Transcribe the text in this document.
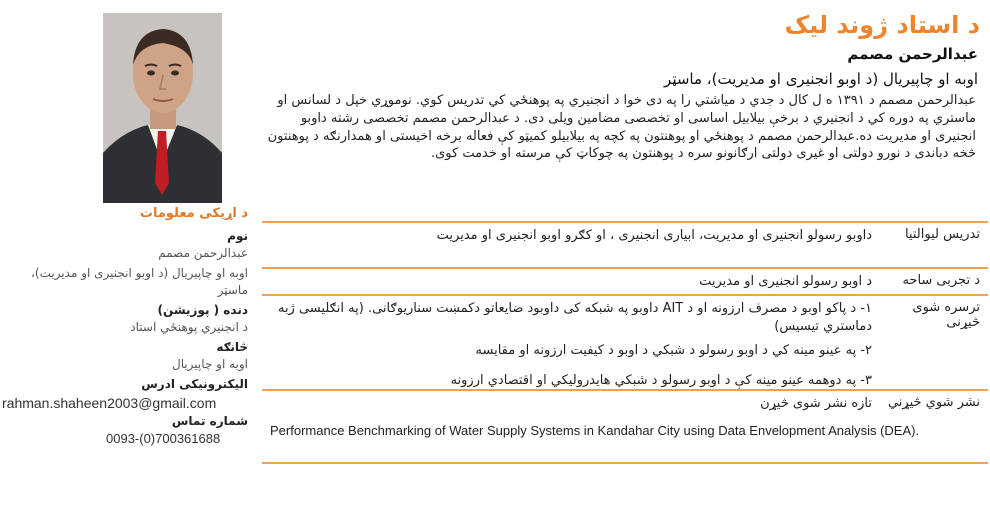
د اړیکی معلومات
نوم
عبدالرحمن مصمم
اوبه او چاپیریال (د اوبو انجنیری او مدیریت)، ماسټر
دنده ( پوزیشن)
د انجنيري پوهنځي استاد
څانګه
اوبه او چاپیریال
الیکترونیکی ادرس
rahman.shaheen2003@gmail.com
شماره تماس
0093-(0)700361688
د استاد ژوند لیک
عبدالرحمن مصمم
اوبه او چاپیریال (د اوبو انجنیری او مدیریت)، ماسټر
عبدالرحمن مصمم د ۱۳۹۱ ه ل کال د جدي د میاشتي را په دی خوا د انجنيري په پوهنځي کي تدريس کوي. نوموړي خپل د لسانس او ماستري په دوره کي د انجنيري د برخې بیلابیل اساسی او تخصصی مضامین ویلی دی. د عبدالرحمن مصمم تخصصی رشته داوبو انجنیری او مدیریت ده.عبدالرحمن مصمم د پوهنځي او پوهنتون په کچه په بیلابیلو کمیټو کې فعاله برخه اخیستی او همدارنګه د پوهنتون څخه دباندی د نورو دولتی او غیری دولتی ارګانونو سره د پوهنتون په چوکاټ کې مرسته او خدمت کوی.
تدریس لیوالتیا
داوبو رسولو انجنیری او مدیریت، ابیاری انجنیری ، او کګرو اوبو انجنیری او مدیریت
د تجربی ساحه
د اوبو رسولو انجنیری او مدیریت
ترسره شوی څیړنی
۱- د پاکو اوبو د مصرف ارزونه او د AIT داوبو په شبکه کی داوبود ضایعاتو دکمښت سناریوګانی. (په انګلیسی ژبه دماستري تيسيس)
۲- په عينو مينه کي د اوبو رسولو د شبکي د اوبو د کيفيت ارزونه او مقايسه
۳- په دوهمه عینو مینه کې د اوبو رسولو د شبکي هايدروليکي او اقتصادي ارزونه
نشر شوي څیړني
تازه نشر شوی څیړن
Performance Benchmarking of Water Supply Systems in Kandahar City using Data Envelopment Analysis (DEA).
